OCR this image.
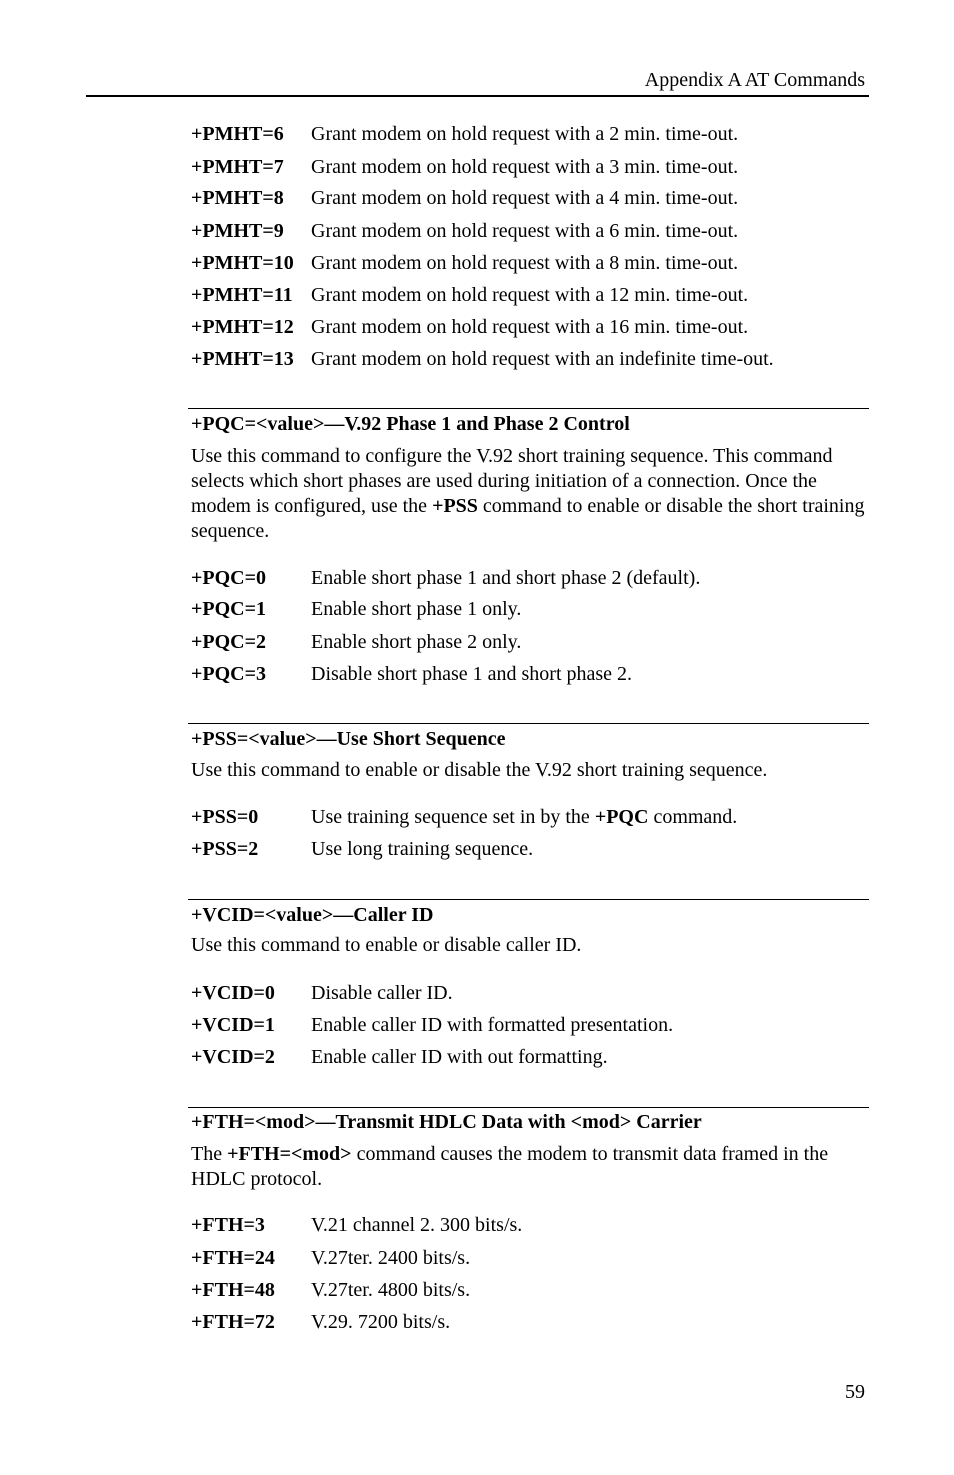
Appendix A AT Commands
+PMHT=6 Grant modem on hold request with a 2 min. time-out.
+PMHT=7 Grant modem on hold request with a 3 min. time-out.
+PMHT=8 Grant modem on hold request with a 4 min. time-out.
+PMHT=9 Grant modem on hold request with a 6 min. time-out.
+PMHT=10 Grant modem on hold request with a 8 min. time-out.
+PMHT=11 Grant modem on hold request with a 12 min. time-out.
+PMHT=12 Grant modem on hold request with a 16 min. time-out.
+PMHT=13 Grant modem on hold request with an indefinite time-out.
+PQC=<value>—V.92 Phase 1 and Phase 2 Control
Use this command to configure the V.92 short training sequence. This command selects which short phases are used during initiation of a connection. Once the modem is configured, use the +PSS command to enable or disable the short training sequence.
+PQC=0 Enable short phase 1 and short phase 2 (default).
+PQC=1 Enable short phase 1 only.
+PQC=2 Enable short phase 2 only.
+PQC=3 Disable short phase 1 and short phase 2.
+PSS=<value>—Use Short Sequence
Use this command to enable or disable the V.92 short training sequence.
+PSS=0	Use training sequence set in by the +PQC command.
+PSS=2	Use long training sequence.
+VCID=<value>—Caller ID
Use this command to enable or disable caller ID.
+VCID=0 Disable caller ID.
+VCID=1 Enable caller ID with formatted presentation.
+VCID=2 Enable caller ID with out formatting.
+FTH=<mod>—Transmit HDLC Data with <mod> Carrier
The +FTH=<mod> command causes the modem to transmit data framed in the HDLC protocol.
+FTH=3 V.21 channel 2. 300 bits/s.
+FTH=24 V.27ter. 2400 bits/s.
+FTH=48 V.27ter. 4800 bits/s.
+FTH=72 V.29. 7200 bits/s.
59
